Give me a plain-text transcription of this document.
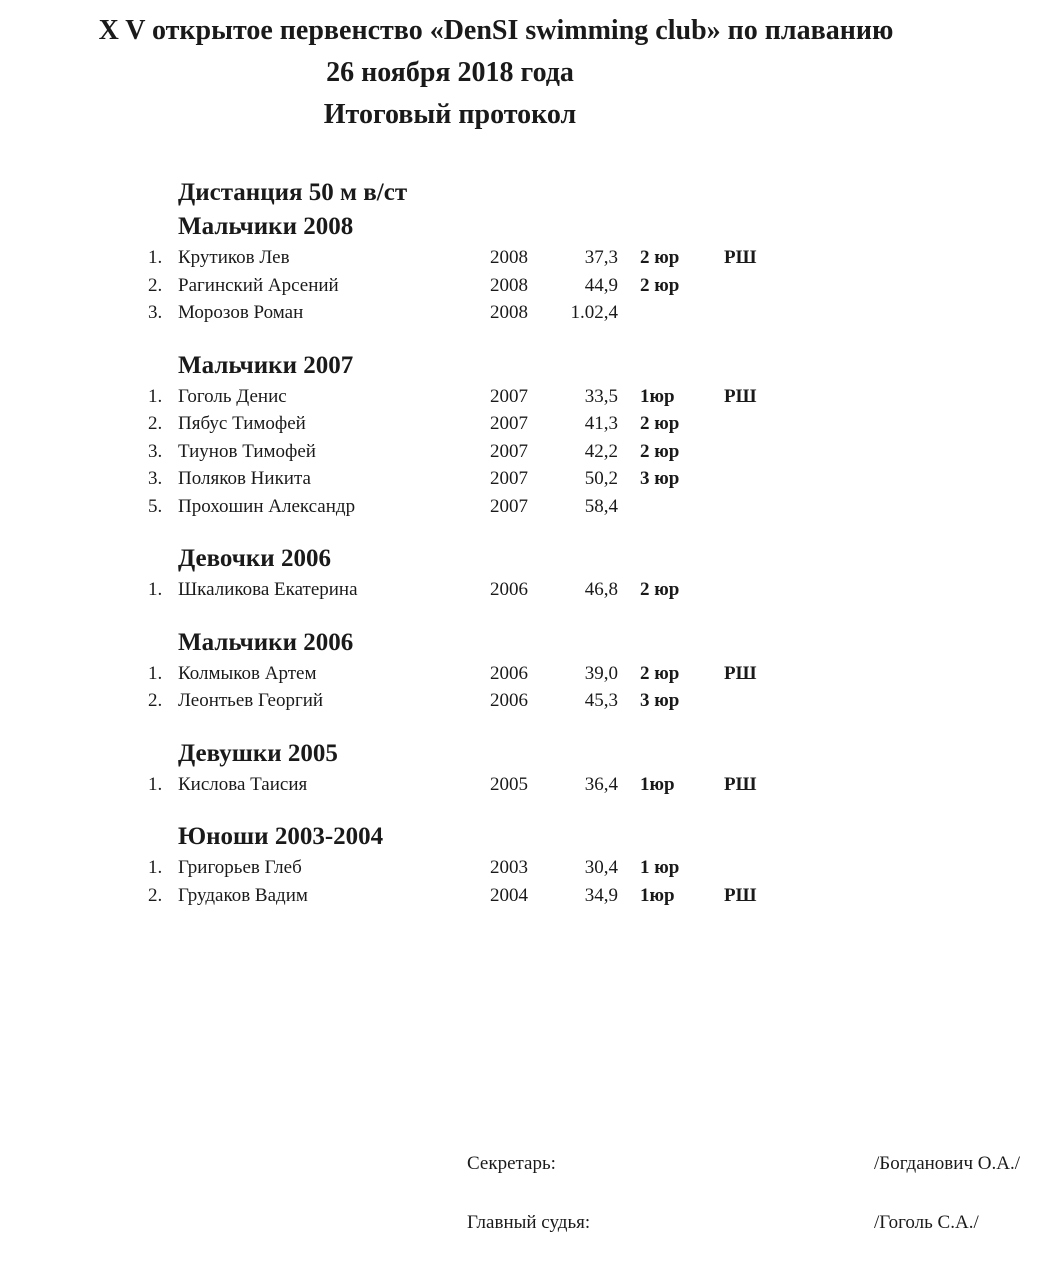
X V открытое первенство «DenSI swimming club» по плаванию
26 ноября 2018 года
Итоговый протокол
Дистанция 50 м в/ст
Мальчики 2008
1. Крутиков Лев	2008	37,3 2 юр РШ
2. Рагинский Арсений	2008	44,9 2 юр
3. Морозов Роман	2008	1.02,4
Мальчики 2007
1. Гоголь Денис	2007	33,5 1юр	РШ
2. Пябус Тимофей	2007	41,3 2 юр
3. Тиунов Тимофей	2007	42,2 2 юр
3. Поляков Никита	2007	50,2 3 юр
5. Прохошин Александр	2007	58,4
Девочки 2006
1. Шкаликова Екатерина	2006	46,8 2 юр
Мальчики 2006
1. Колмыков Артем	2006	39,0 2 юр РШ
2. Леонтьев Георгий	2006	45,3 3 юр
Девушки 2005
1. Кислова Таисия	2005	36,4 1юр	РШ
Юноши 2003-2004
1. Григорьев Глеб	2003	30,4 1 юр
2. Грудаков Вадим	2004	34,9 1юр	РШ
Секретарь:	/Богданович О.А./
Главный судья:	/Гоголь С.А./
